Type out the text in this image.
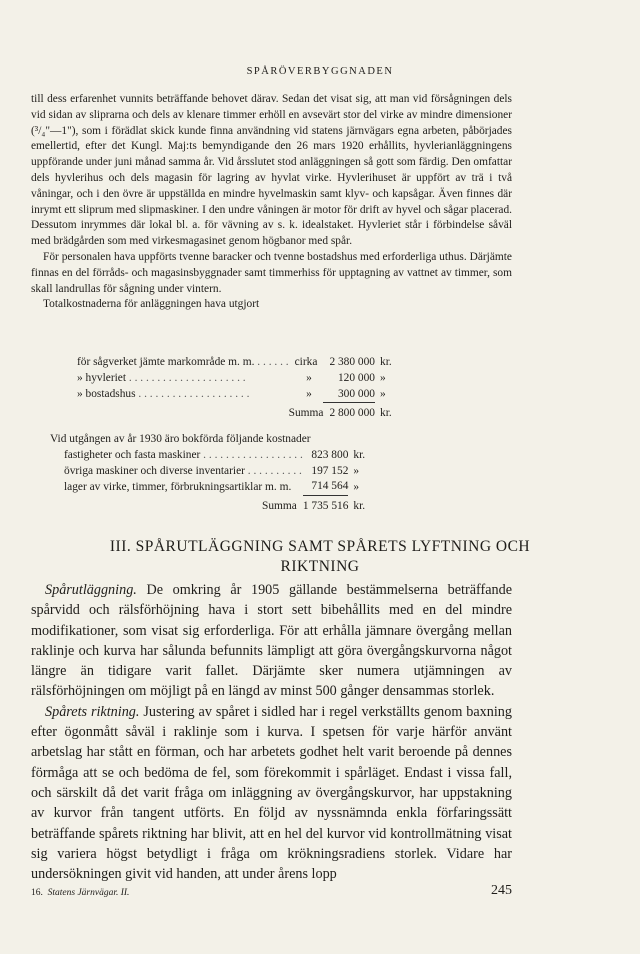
SPÅRÖVERBYGGNADEN

till dess erfarenhet vunnits beträffande behovet därav. Sedan det visat sig, att man vid försågningen dels vid sidan av sliprarna och dels av klenare timmer erhöll en avsevärt stor del virke av mindre dimensioner (³/₄"—1"), som i förädlat skick kunde finna användning vid statens järnvägars egna arbeten, påbörjades emellertid, efter det Kungl. Maj:ts bemyndigande den 26 mars 1920 erhållits, hyvlerianläggningens uppförande under juni månad samma år. Vid årsslutet stod anläggningen så gott som färdig. Den omfattar dels hyvlerihus och dels magasin för lagring av hyvlat virke. Hyvlerihuset är uppfört av trä i två våningar, och i den övre är uppställda en mindre hyvelmaskin samt klyv- och kapsågar. Även finnes där inrymt ett sliprum med slipmaskiner. I den undre våningen är motor för drift av hyvel och sågar placerad. Dessutom inrymmes där lokal bl. a. för vävning av s. k. idealstaket. Hyvleriet står i förbindelse såväl med brädgården som med virkesmagasinet genom högbanor med spår.

För personalen hava uppförts tvenne baracker och tvenne bostadshus med erforderliga uthus. Därjämte finnas en del förråds- och magasinsbyggnader samt timmerhiss för upptagning av vattnet av timmer, som skall landrullas för sågning under vintern.

Totalkostnaderna för anläggningen hava utgjort

för sågverket jämte markområde m. m. . . . . . .	cirka	2 380 000	kr.
» hyvleriet . . . . . . . . . . . . . . . . . . . . .	»	120 000	»
» bostadshus . . . . . . . . . . . . . . . . . . . .	»	300 000	»
	Summa	2 800 000	kr.
Vid utgången av år 1930 äro bokförda följande kostnader		
fastigheter och fasta maskiner . . . . . . . . . . . . . . . . . .	823 800	kr.
övriga maskiner och diverse inventarier . . . . . . . . . .	197 152	»
lager av virke, timmer, förbrukningsartiklar m. m.	714 564	»
Summa	1 735 516	kr.
III. SPÅRUTLÄGGNING SAMT SPÅRETS LYFTNING OCH
RIKTNING

Spårutläggning. De omkring år 1905 gällande bestämmelserna beträffande spårvidd och rälsförhöjning hava i stort sett bibehållits med en del mindre modifikationer, som visat sig erforderliga. För att erhålla jämnare övergång mellan raklinje och kurva har sålunda befunnits lämpligt att göra övergångskurvorna något längre än tidigare varit fallet. Därjämte sker numera utjämningen av rälsförhöjningen om möjligt på en längd av minst 500 gånger densammas storlek.

Spårets riktning. Justering av spåret i sidled har i regel verkställts genom baxning efter ögonmått såväl i raklinje som i kurva. I spetsen för varje härför använt arbetslag har stått en förman, och har arbetets godhet helt varit beroende på dennes förmåga att se och bedöma de fel, som förekommit i spårläget. Endast i vissa fall, och särskilt då det varit fråga om inläggning av övergångskurvor, har uppstakning av kurvor från tangent utförts. En följd av nyssnämnda enkla förfaringssätt beträffande spårets riktning har blivit, att en hel del kurvor vid kontrollmätning visat sig variera högst betydligt i fråga om krökningsradiens storlek. Vidare har undersökningen givit vid handen, att under årens lopp

16. Statens Järnvägar. II.	245
